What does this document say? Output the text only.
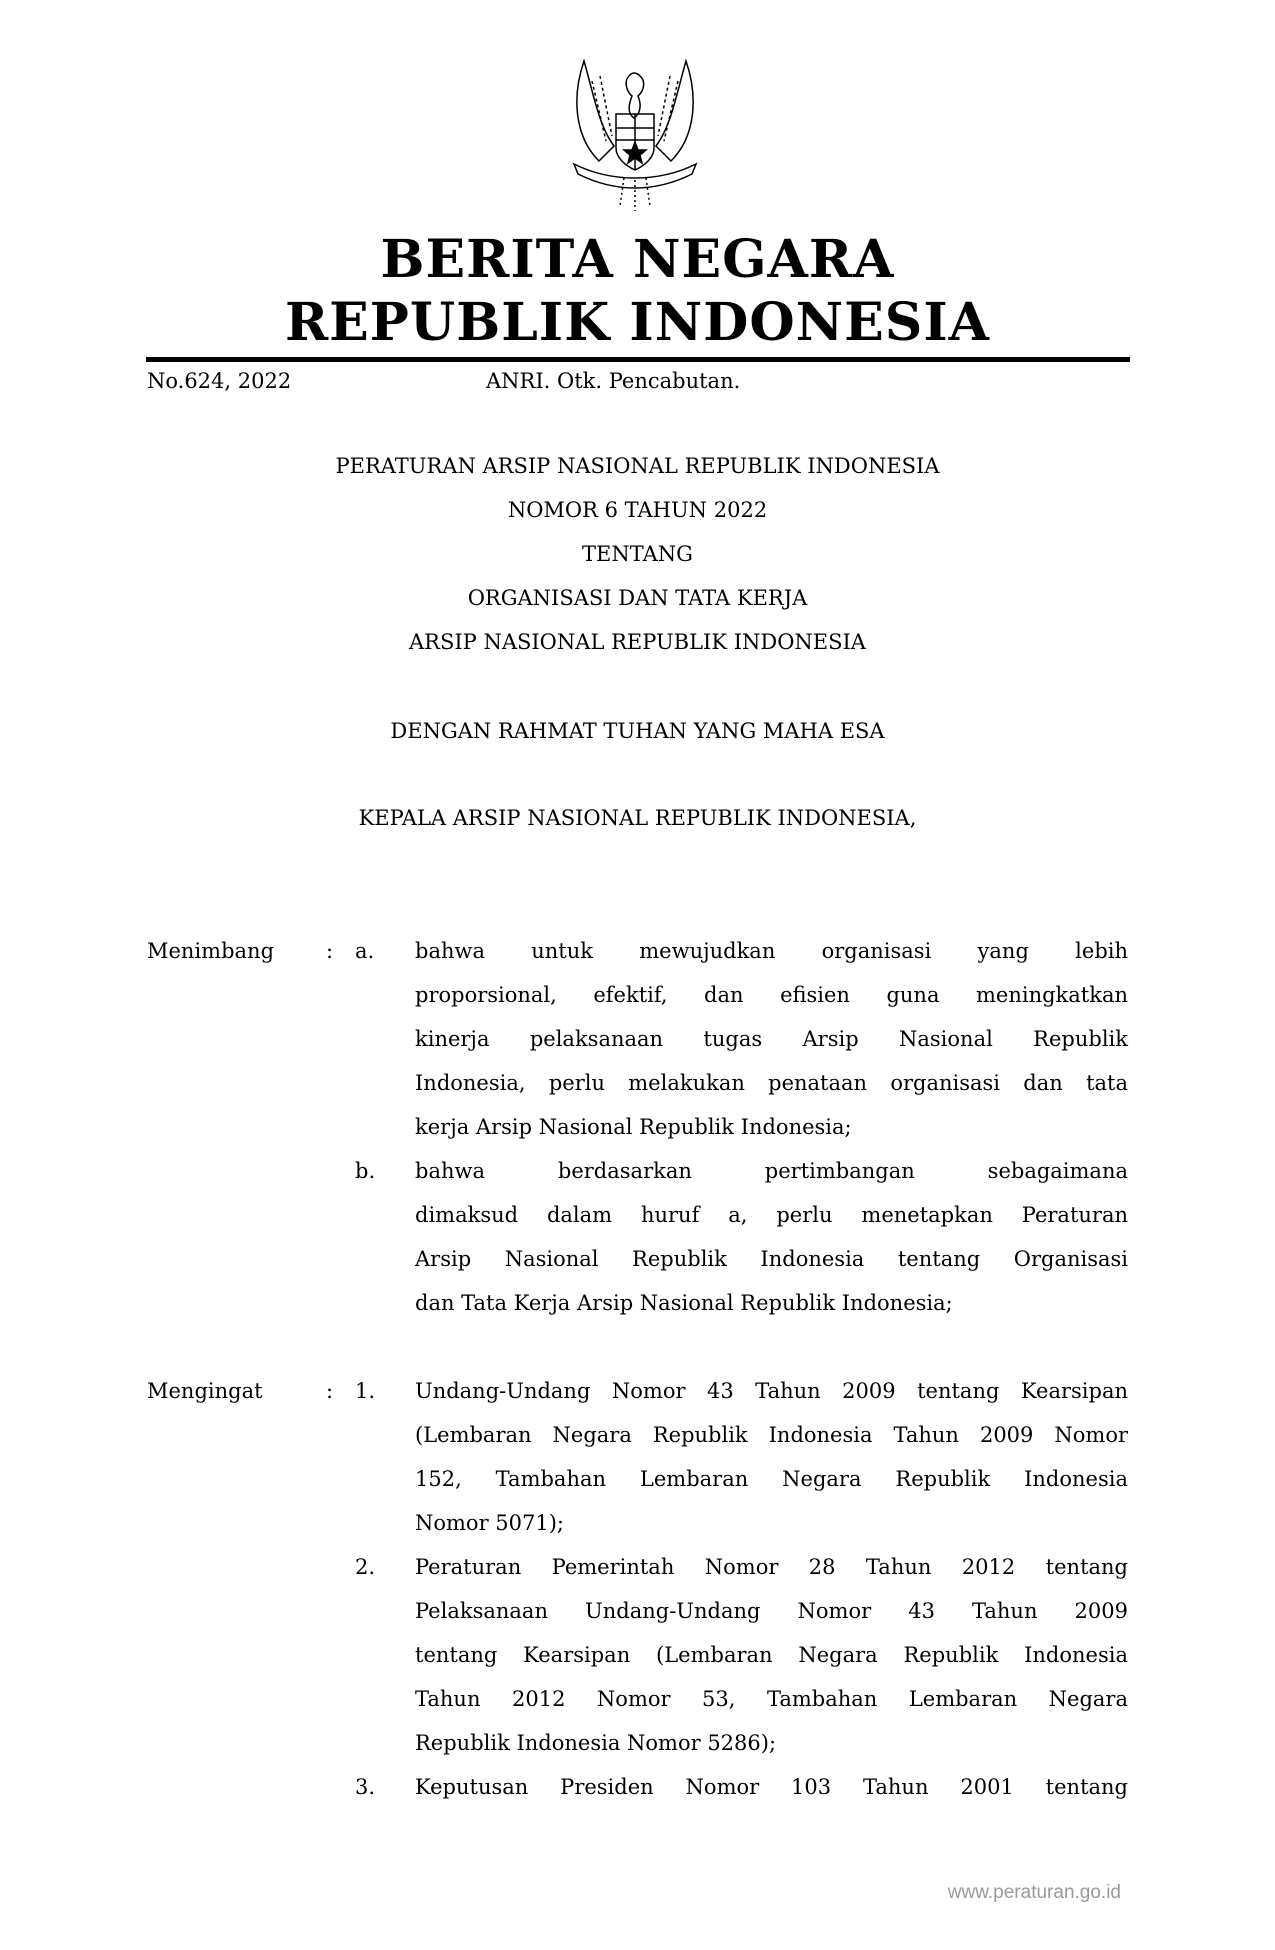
BERITA NEGARA
REPUBLIK INDONESIA
No.624, 2022	ANRI. Otk. Pencabutan.
PERATURAN ARSIP NASIONAL REPUBLIK INDONESIA
NOMOR 6 TAHUN 2022
TENTANG
ORGANISASI DAN TATA KERJA
ARSIP NASIONAL REPUBLIK INDONESIA
DENGAN RAHMAT TUHAN YANG MAHA ESA
KEPALA ARSIP NASIONAL REPUBLIK INDONESIA,
Menimbang	:	a.	bahwa untuk mewujudkan organisasi yang lebih
proporsional, efektif, dan efisien guna meningkatkan
kinerja pelaksanaan tugas Arsip Nasional Republik
Indonesia, perlu melakukan penataan organisasi dan tata
kerja Arsip Nasional Republik Indonesia;
b.	bahwa berdasarkan pertimbangan sebagaimana
dimaksud dalam huruf a, perlu menetapkan Peraturan
Arsip Nasional Republik Indonesia tentang Organisasi
dan Tata Kerja Arsip Nasional Republik Indonesia;
Mengingat	:	1.	Undang-Undang Nomor 43 Tahun 2009 tentang Kearsipan
(Lembaran Negara Republik Indonesia Tahun 2009 Nomor
152, Tambahan Lembaran Negara Republik Indonesia
Nomor 5071);
2.	Peraturan Pemerintah Nomor 28 Tahun 2012 tentang
Pelaksanaan Undang-Undang Nomor 43 Tahun 2009
tentang Kearsipan (Lembaran Negara Republik Indonesia
Tahun 2012 Nomor 53, Tambahan Lembaran Negara
Republik Indonesia Nomor 5286);
3.	Keputusan Presiden Nomor 103 Tahun 2001 tentang
www.peraturan.go.id
